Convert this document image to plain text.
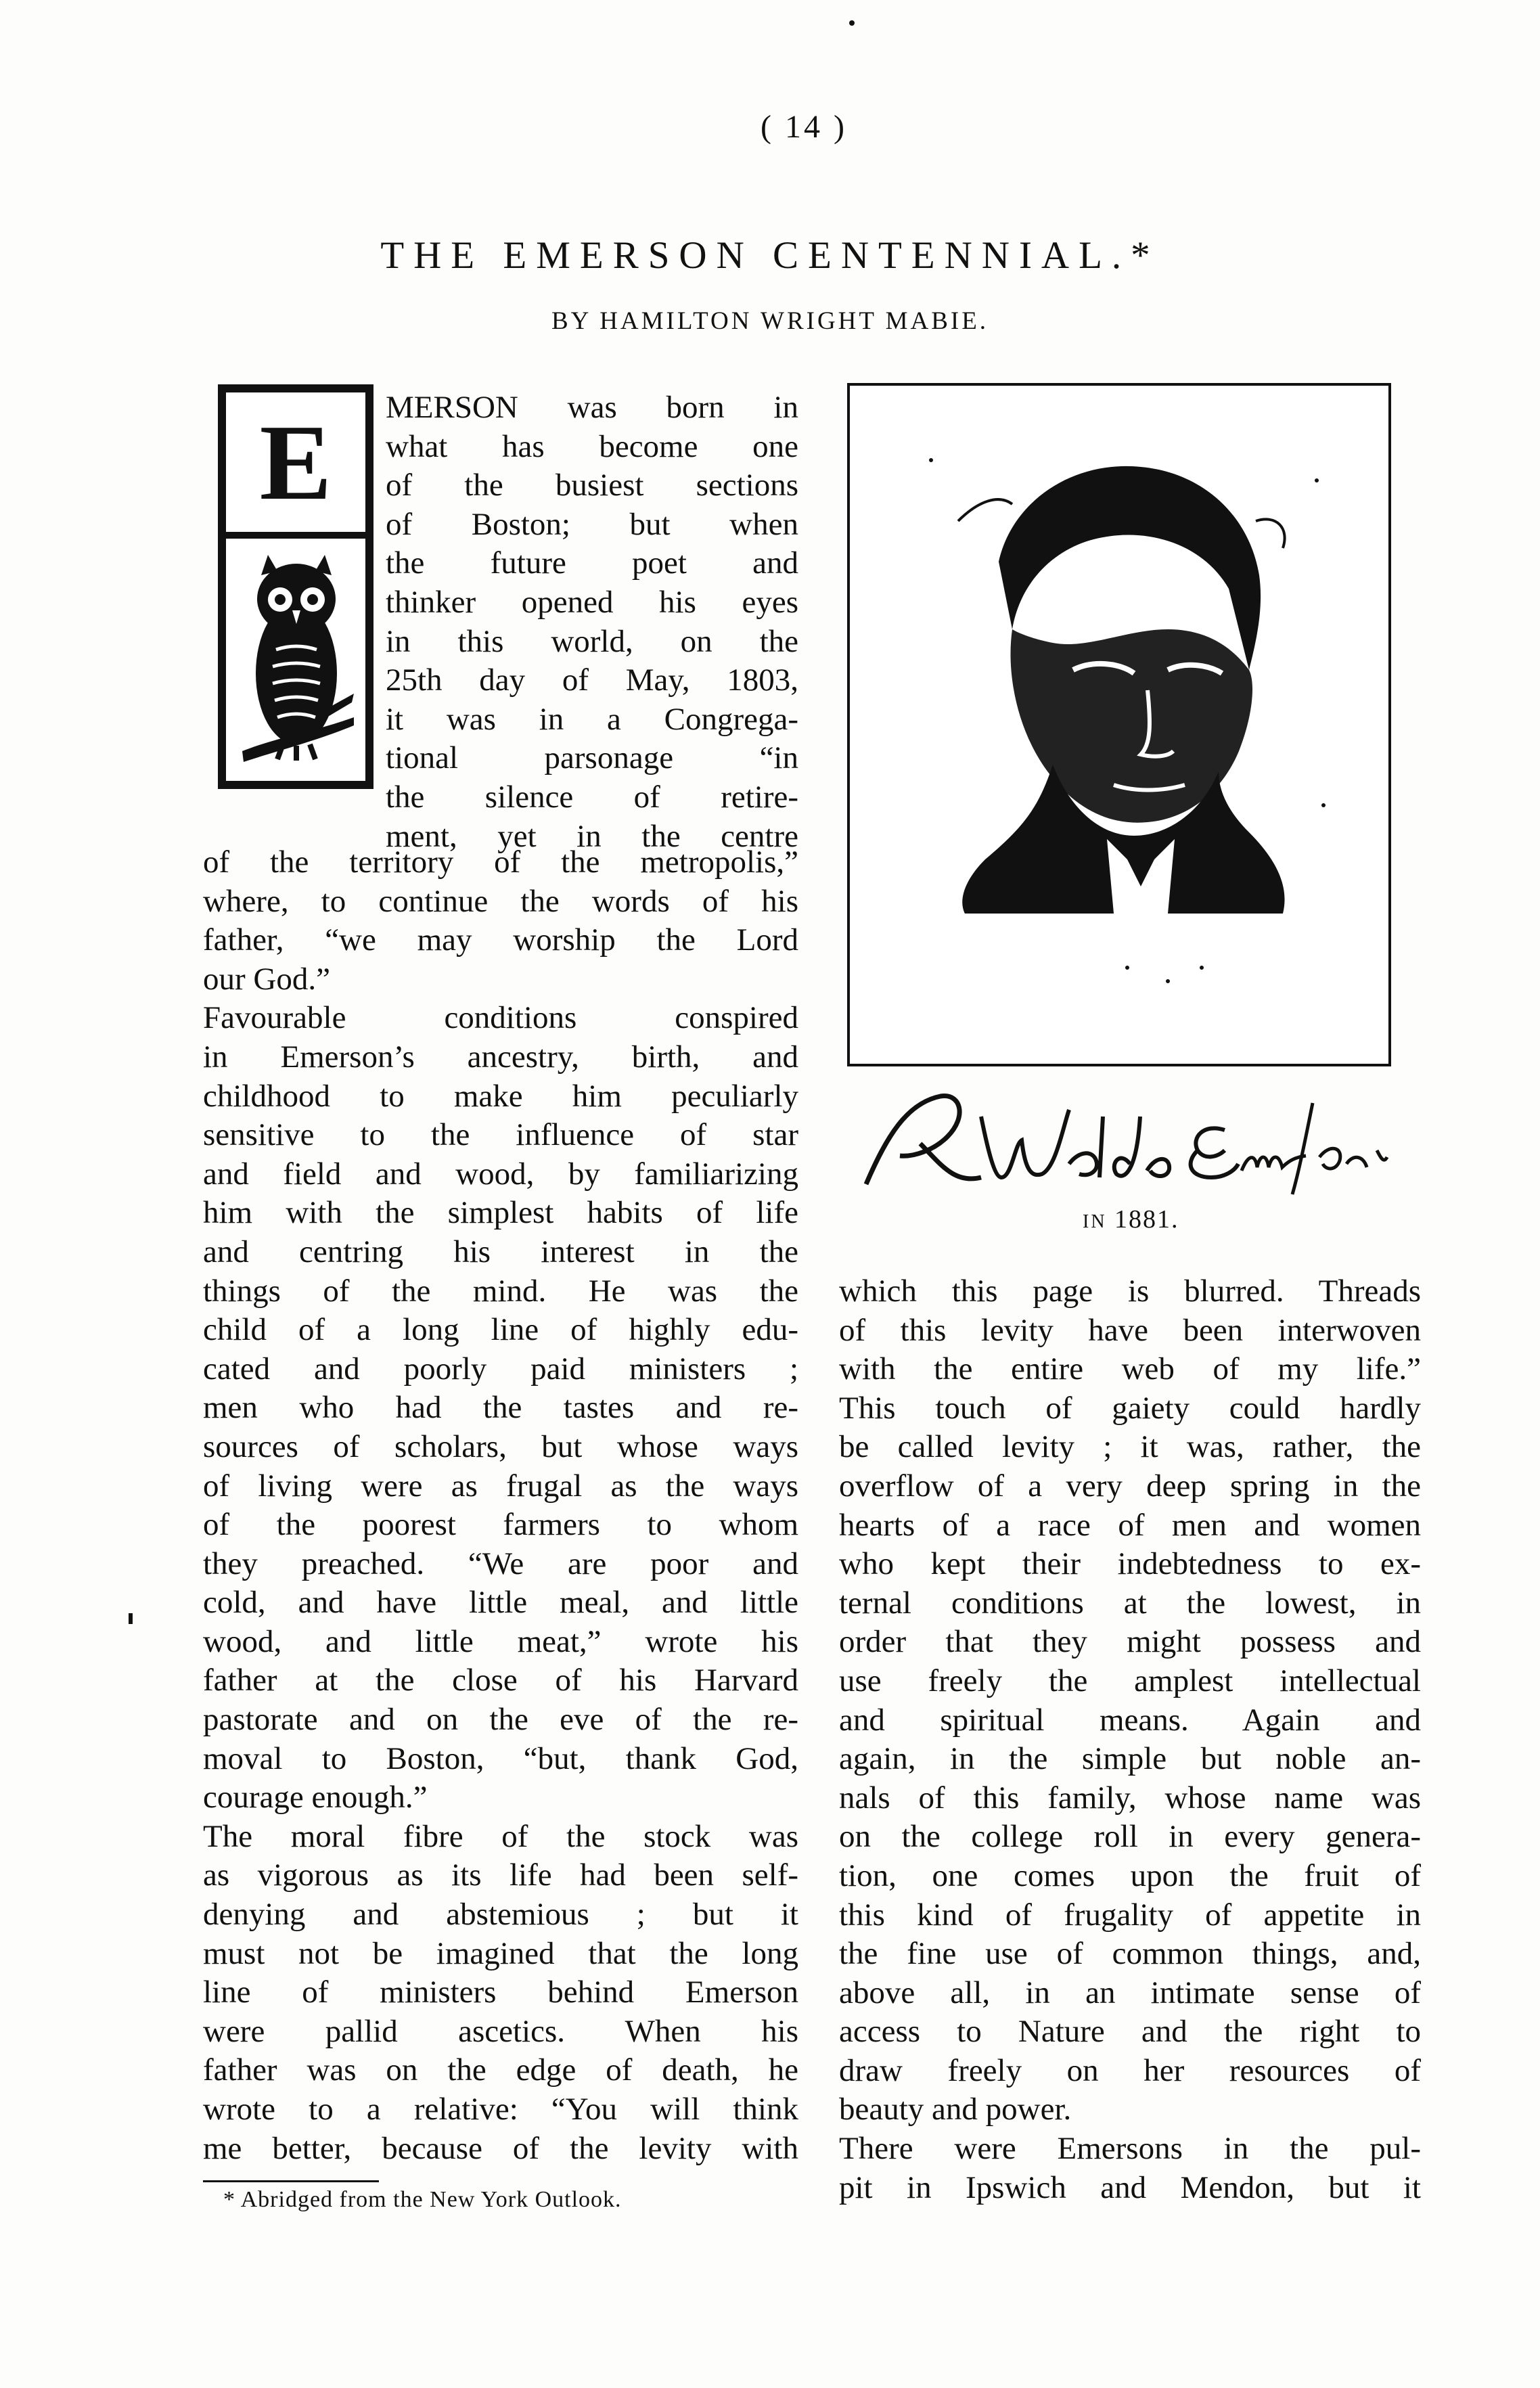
( 14 )
THE EMERSON CENTENNIAL.*
BY HAMILTON WRIGHT MABIE.
E	MERSON was born in
what has become one
of the busiest sections
of Boston; but when
the future poet and
thinker opened his eyes
in this world, on the
25th day of May, 1803,
it was in a Congrega-
tional parsonage “in
the silence of retire-
ment, yet in the centre
of the territory of the metropolis,”
where, to continue the words of his
father, “we may worship the Lord
our God.”
Favourable conditions conspired
in Emerson’s ancestry, birth, and
childhood to make him peculiarly
sensitive to the influence of star
and field and wood, by familiarizing
him with the simplest habits of life
and centring his interest in the
things of the mind. He was the
child of a long line of highly edu-
cated and poorly paid ministers ;
men who had the tastes and re-
sources of scholars, but whose ways
of living were as frugal as the ways
of the poorest farmers to whom
they preached. “We are poor and
cold, and have little meal, and little
wood, and little meat,” wrote his
father at the close of his Harvard
pastorate and on the eve of the re-
moval to Boston, “but, thank God,
courage enough.”
The moral fibre of the stock was
as vigorous as its life had been self-
denying and abstemious ; but it
must not be imagined that the long
line of ministers behind Emerson
were pallid ascetics. When his
father was on the edge of death, he
wrote to a relative: “You will think
me better, because of the levity with
IN 1881.
which this page is blurred. Threads
of this levity have been interwoven
with the entire web of my life.”
This touch of gaiety could hardly
be called levity ; it was, rather, the
overflow of a very deep spring in the
hearts of a race of men and women
who kept their indebtedness to ex-
ternal conditions at the lowest, in
order that they might possess and
use freely the amplest intellectual
and spiritual means. Again and
again, in the simple but noble an-
nals of this family, whose name was
on the college roll in every genera-
tion, one comes upon the fruit of
this kind of frugality of appetite in
the fine use of common things, and,
above all, in an intimate sense of
access to Nature and the right to
draw freely on her resources of
beauty and power.
There were Emersons in the pul-
pit in Ipswich and Mendon, but it
* Abridged from the New York Outlook.
